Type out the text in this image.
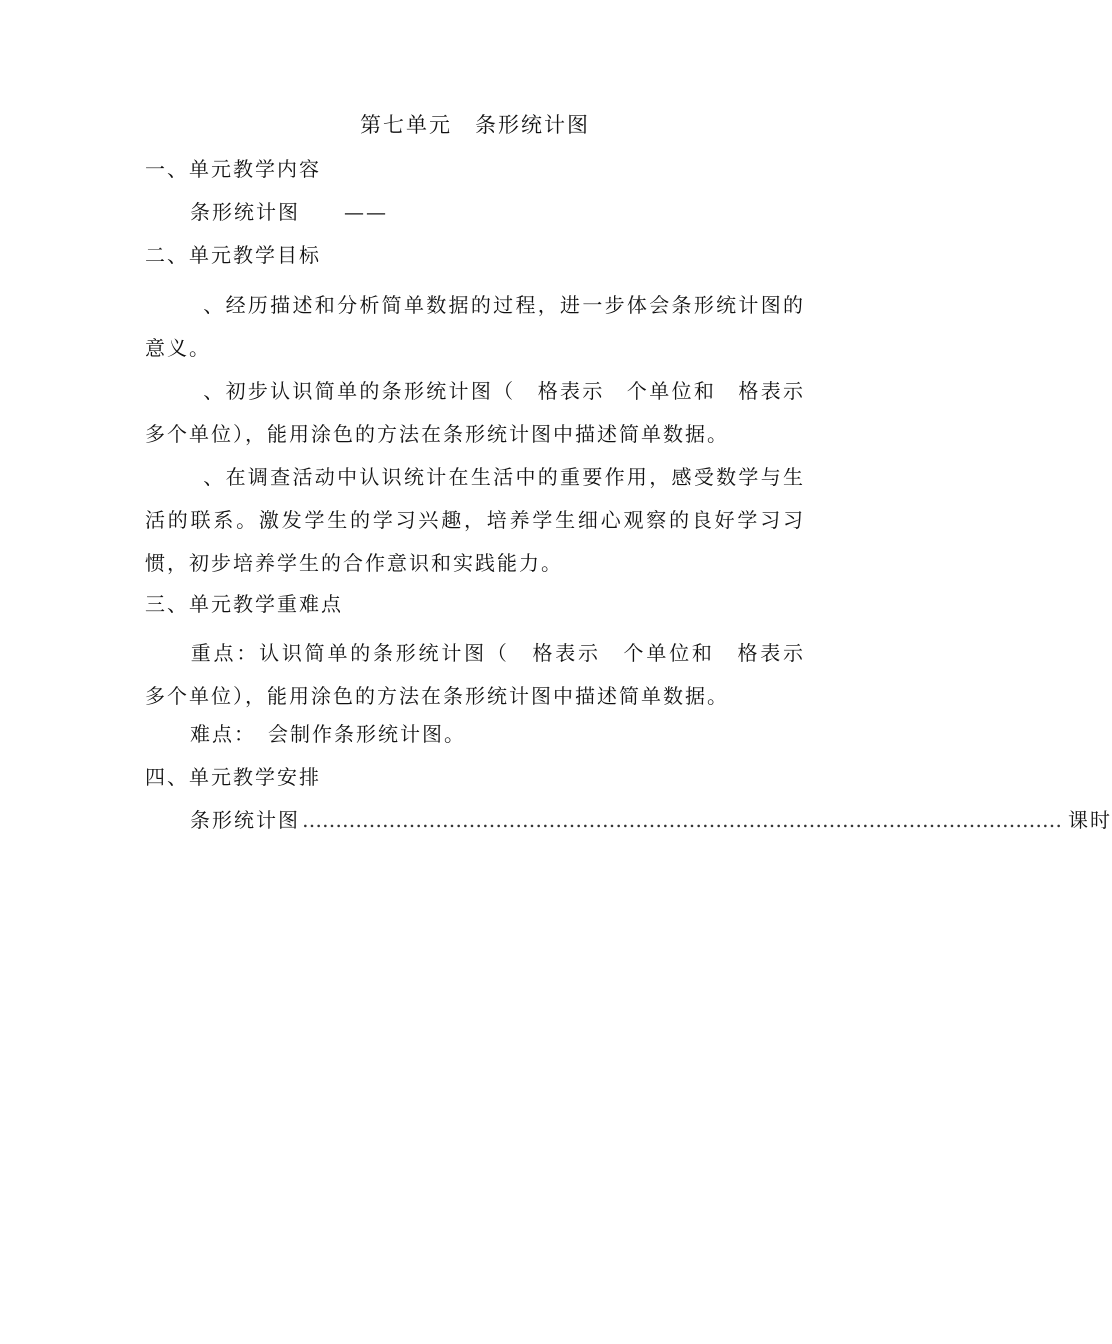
第七单元　条形统计图
一、单元教学内容
条形统计图　　——
二、单元教学目标
、经历描述和分析简单数据的过程，进一步体会条形统计图的意义。
、初步认识简单的条形统计图（　格表示　个单位和　格表示多个单位），能用涂色的方法在条形统计图中描述简单数据。
、在调查活动中认识统计在生活中的重要作用，感受数学与生活的联系。激发学生的学习兴趣，培养学生细心观察的良好学习习惯，初步培养学生的合作意识和实践能力。
三、单元教学重难点
重点：认识简单的条形统计图（　格表示　个单位和　格表示多个单位），能用涂色的方法在条形统计图中描述简单数据。
难点：　会制作条形统计图。
四、单元教学安排
条形统计图 …………………………………………………………………………………………………… 课时
